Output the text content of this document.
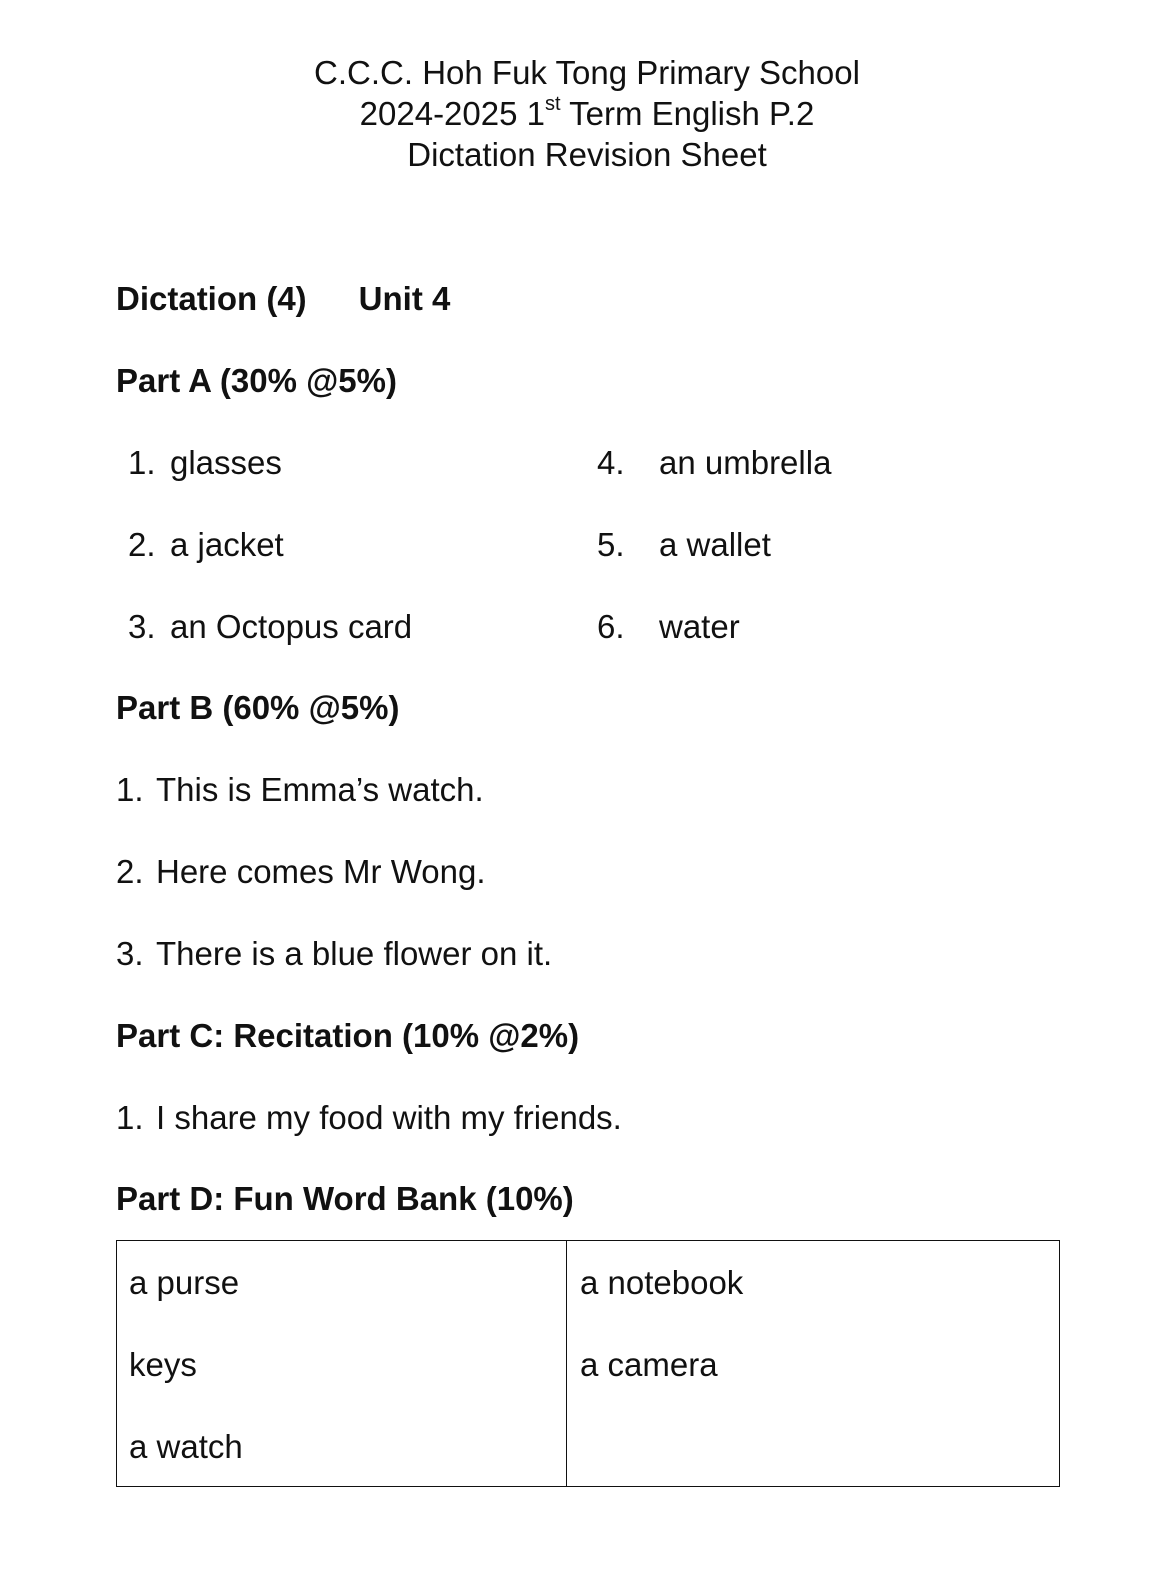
C.C.C. Hoh Fuk Tong Primary School
2024-2025 1st Term English P.2
Dictation Revision Sheet
Dictation (4) Unit 4
Part A (30% @5%)
1. glasses
2. a jacket
3. an Octopus card
4. an umbrella
5. a wallet
6. water
Part B (60% @5%)
1. This is Emma’s watch.
2. Here comes Mr Wong.
3. There is a blue flower on it.
Part C: Recitation (10% @2%)
1. I share my food with my friends.
Part D: Fun Word Bank (10%)
a purse
keys
a watch
a notebook
a camera
